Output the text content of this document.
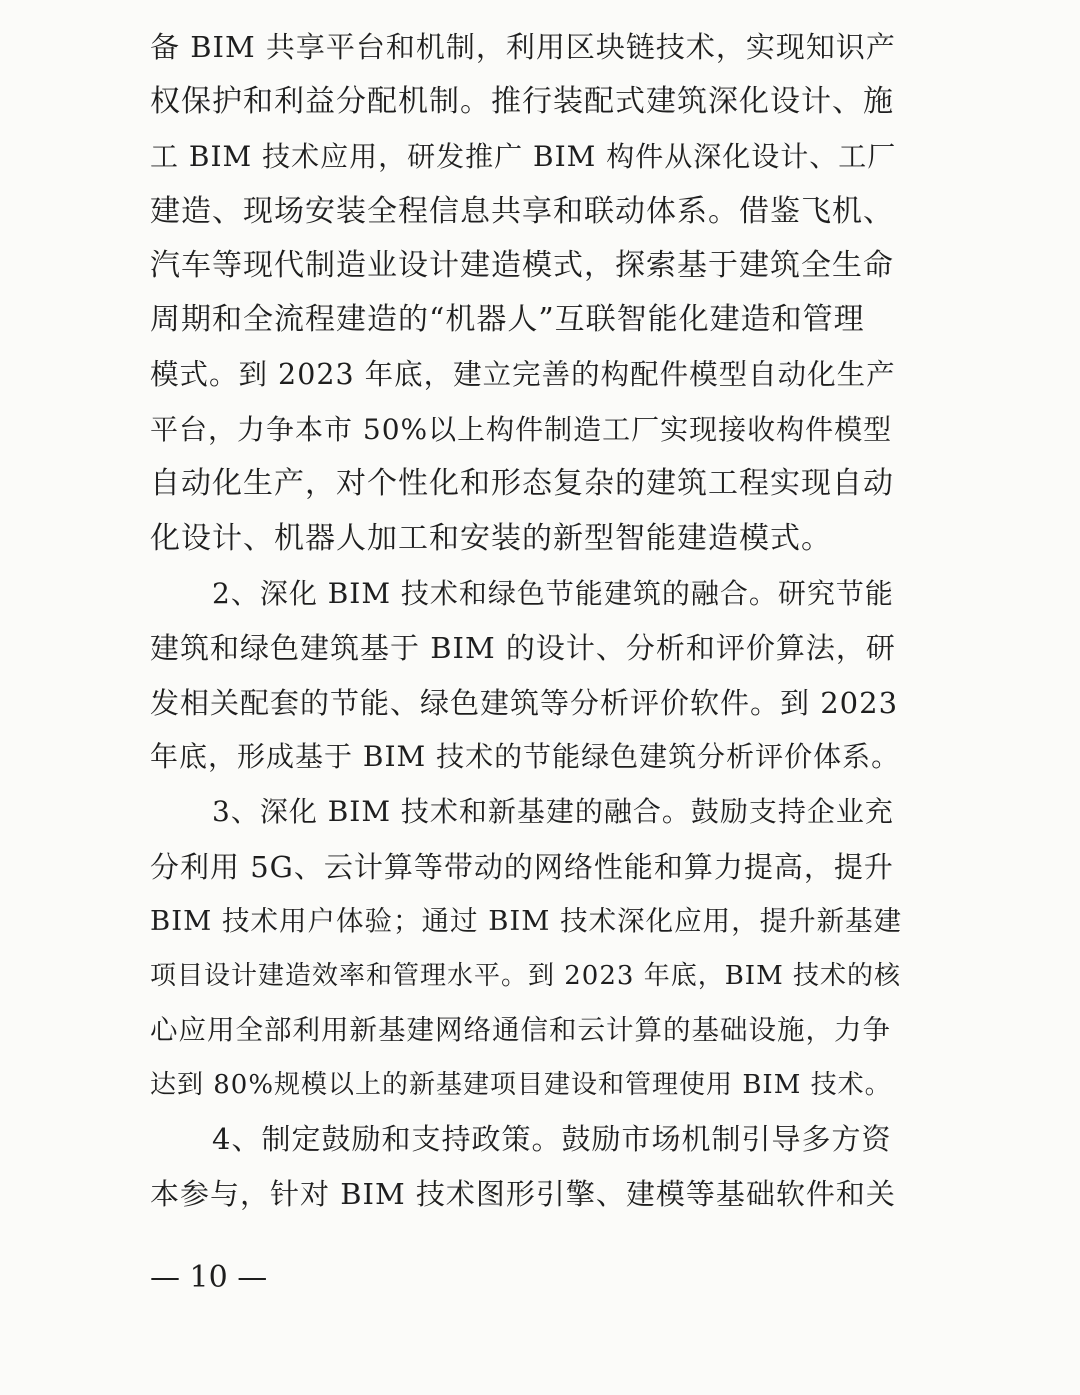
备 BIM 共享平台和机制，利用区块链技术，实现知识产
权保护和利益分配机制。推行装配式建筑深化设计、施
工 BIM 技术应用，研发推广 BIM 构件从深化设计、工厂
建造、现场安装全程信息共享和联动体系。借鉴飞机、
汽车等现代制造业设计建造模式，探索基于建筑全生命
周期和全流程建造的“机器人”互联智能化建造和管理
模式。到 2023 年底，建立完善的构配件模型自动化生产
平台，力争本市 50%以上构件制造工厂实现接收构件模型
自动化生产，对个性化和形态复杂的建筑工程实现自动
化设计、机器人加工和安装的新型智能建造模式。
2、深化 BIM 技术和绿色节能建筑的融合。研究节能
建筑和绿色建筑基于 BIM 的设计、分析和评价算法，研
发相关配套的节能、绿色建筑等分析评价软件。到 2023
年底，形成基于 BIM 技术的节能绿色建筑分析评价体系。
3、深化 BIM 技术和新基建的融合。鼓励支持企业充
分利用 5G、云计算等带动的网络性能和算力提高，提升
BIM 技术用户体验；通过 BIM 技术深化应用，提升新基建
项目设计建造效率和管理水平。到 2023 年底，BIM 技术的核
心应用全部利用新基建网络通信和云计算的基础设施，力争
达到 80%规模以上的新基建项目建设和管理使用 BIM 技术。
4、制定鼓励和支持政策。鼓励市场机制引导多方资
本参与，针对 BIM 技术图形引擎、建模等基础软件和关
— 10 —
